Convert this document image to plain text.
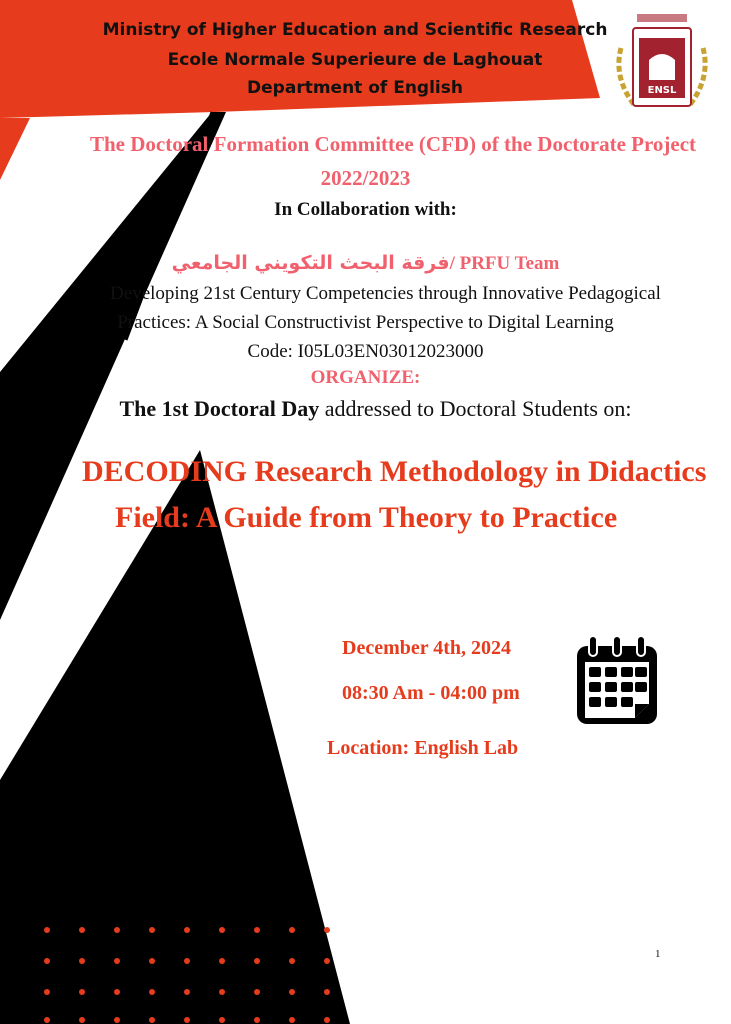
Ministry of Higher Education and Scientific Research
Ecole Normale Superieure de Laghouat
Department of English	ENSL
The Doctoral Formation Committee (CFD) of the Doctorate Project
2022/2023
In Collaboration with:
فرقة البحث التكويني الجامعي/ PRFU Team
Developing 21st Century Competencies through Innovative Pedagogical
Practices: A Social Constructivist Perspective to Digital Learning
Code: I05L03EN03012023000
ORGANIZE:
The 1st Doctoral Day addressed to Doctoral Students on:
DECODING Research Methodology in Didactics
Field: A Guide from Theory to Practice
December 4th, 2024
08:30 Am - 04:00 pm
Location: English Lab
1
